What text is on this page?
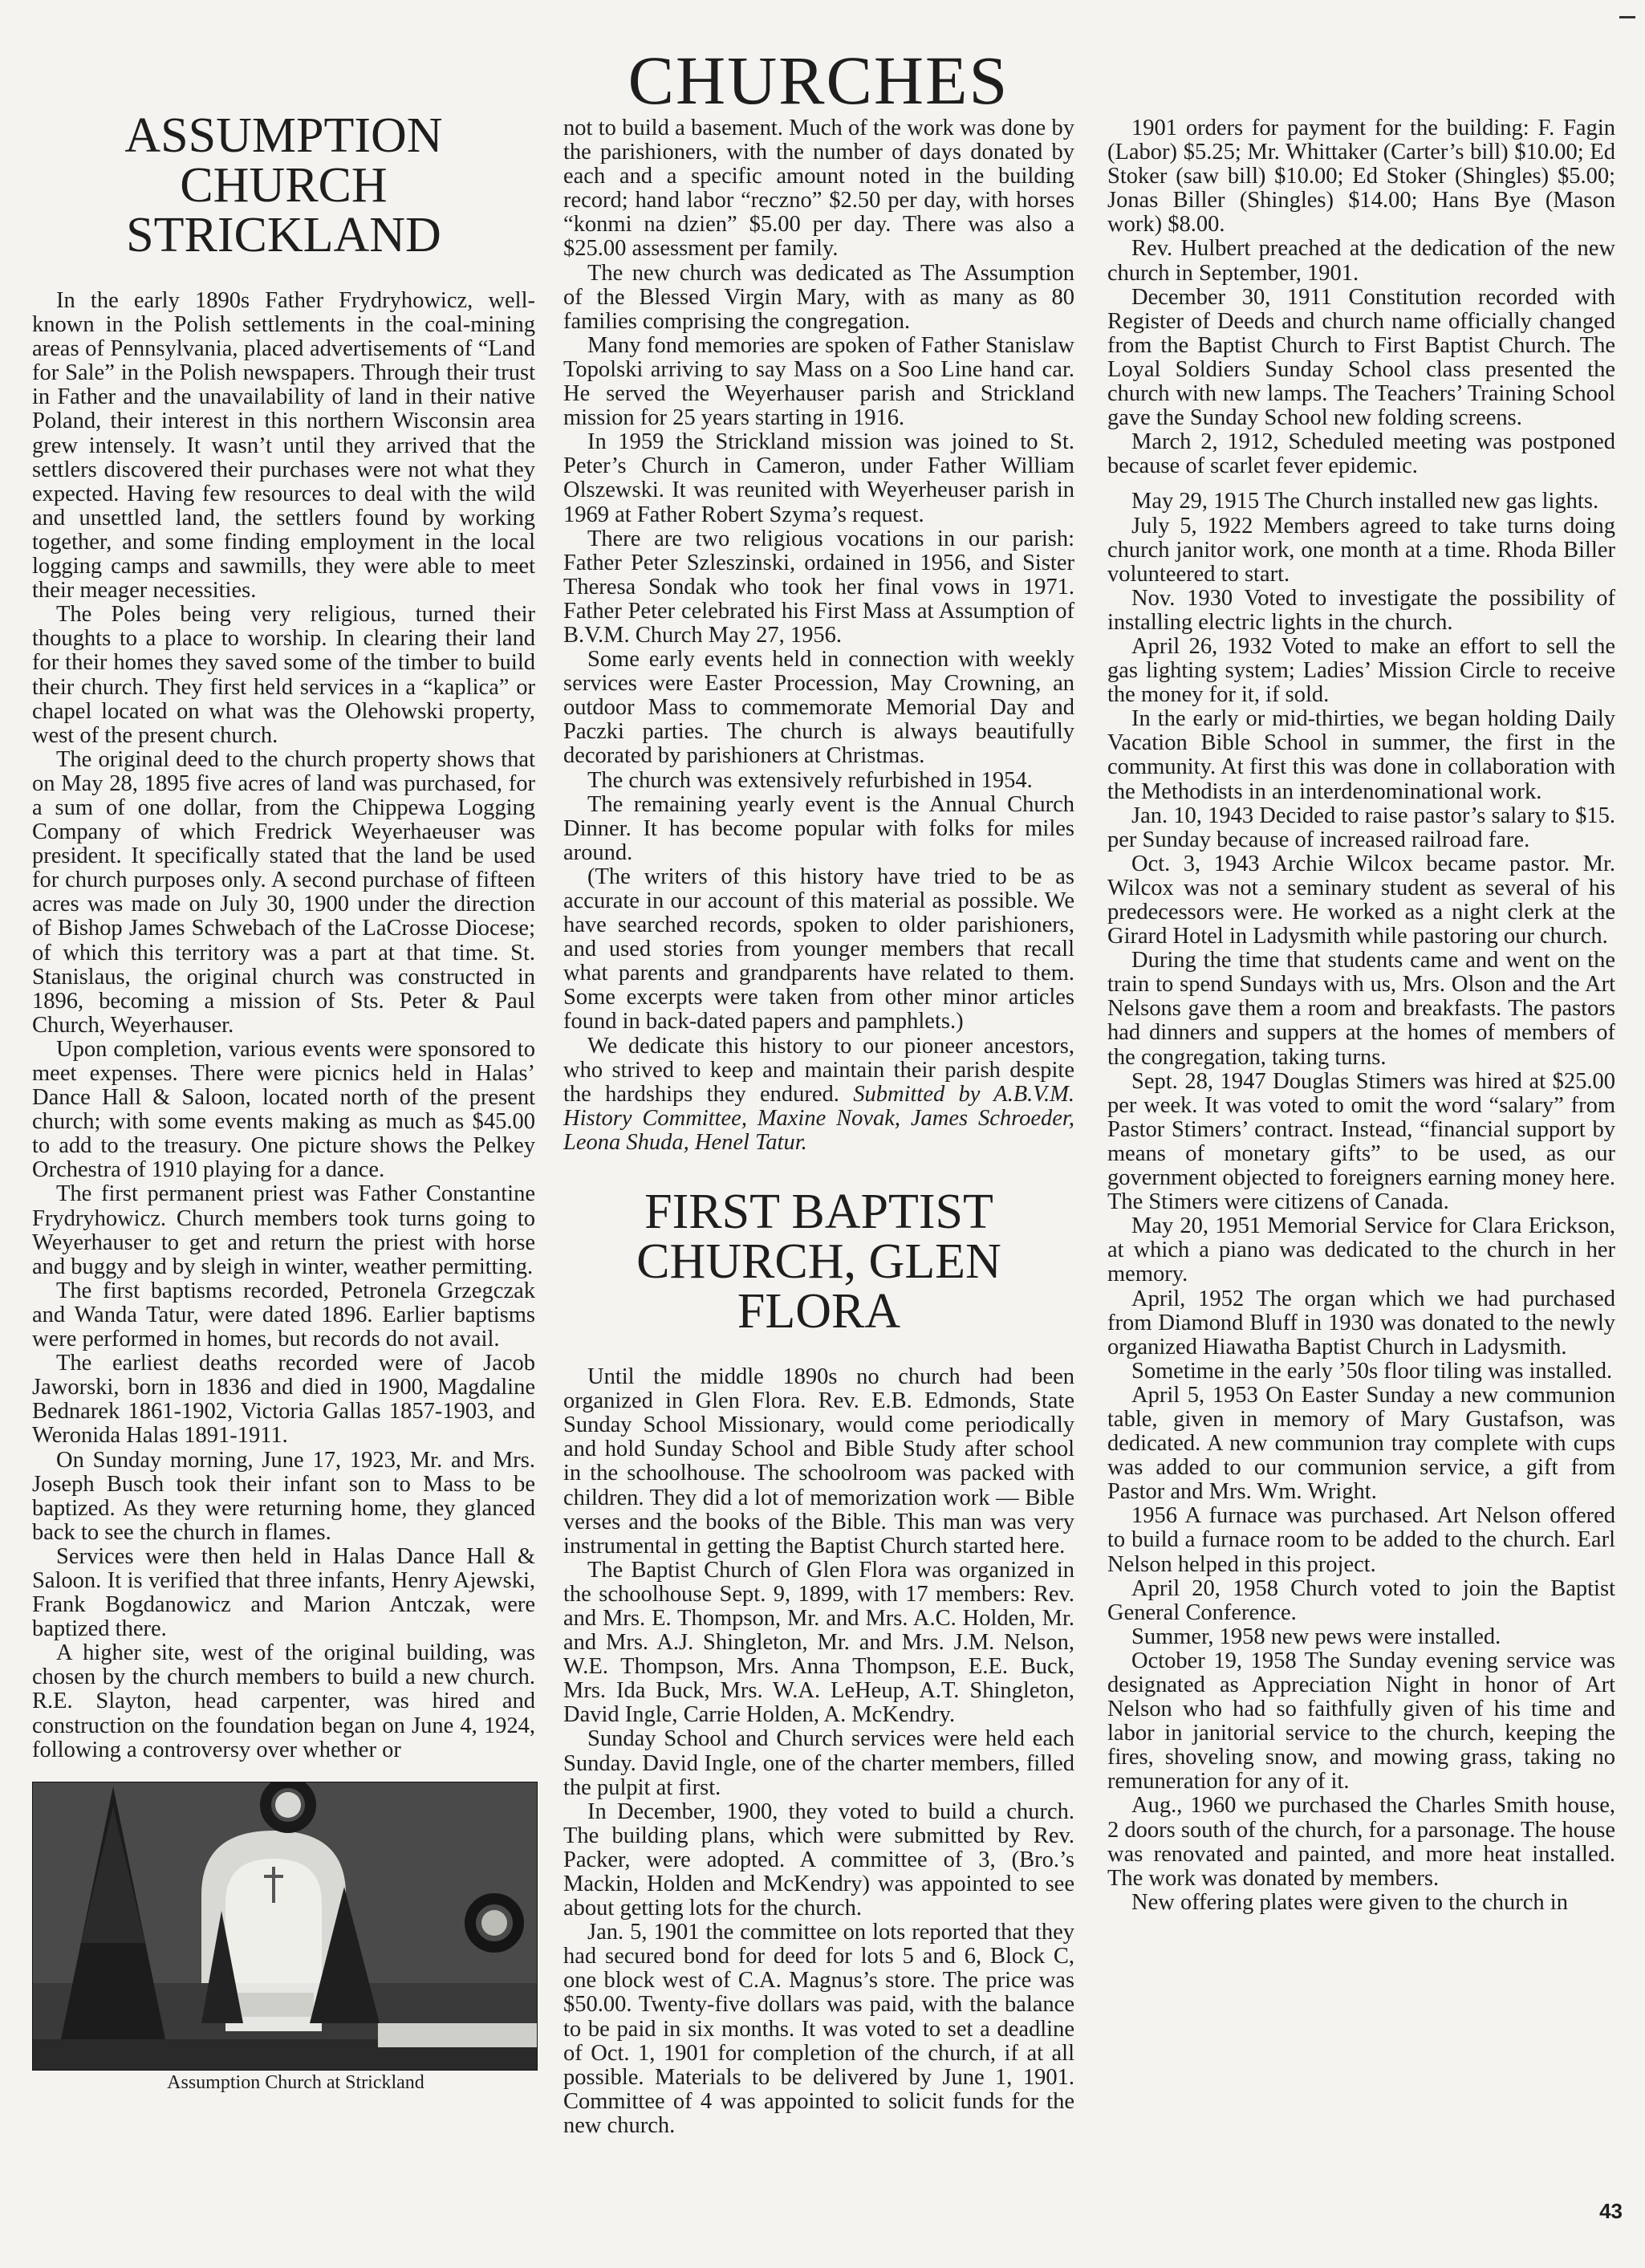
CHURCHES
ASSUMPTION
CHURCH
STRICKLAND

In the early 1890s Father Frydryhowicz, well-known in the Polish settlements in the coal-mining areas of Pennsylvania, placed advertisements of “Land for Sale” in the Polish newspapers. Through their trust in Father and the unavailability of land in their native Poland, their interest in this northern Wisconsin area grew intensely. It wasn’t until they arrived that the settlers discovered their purchases were not what they expected. Having few resources to deal with the wild and unsettled land, the settlers found by working together, and some finding employment in the local logging camps and sawmills, they were able to meet their meager necessities.

The Poles being very religious, turned their thoughts to a place to worship. In clearing their land for their homes they saved some of the timber to build their church. They first held services in a “kaplica” or chapel located on what was the Olehowski property, west of the present church.

The original deed to the church property shows that on May 28, 1895 five acres of land was purchased, for a sum of one dollar, from the Chippewa Logging Company of which Fredrick Weyerhaeuser was president. It specifically stated that the land be used for church purposes only. A second purchase of fifteen acres was made on July 30, 1900 under the direction of Bishop James Schwebach of the LaCrosse Diocese; of which this territory was a part at that time. St. Stanislaus, the original church was constructed in 1896, becoming a mission of Sts. Peter & Paul Church, Weyerhauser.

Upon completion, various events were sponsored to meet expenses. There were picnics held in Halas’ Dance Hall & Saloon, located north of the present church; with some events making as much as $45.00 to add to the treasury. One picture shows the Pelkey Orchestra of 1910 playing for a dance.

The first permanent priest was Father Constantine Frydryhowicz. Church members took turns going to Weyerhauser to get and return the priest with horse and buggy and by sleigh in winter, weather permitting.

The first baptisms recorded, Petronela Grzegczak and Wanda Tatur, were dated 1896. Earlier baptisms were performed in homes, but records do not avail.

The earliest deaths recorded were of Jacob Jaworski, born in 1836 and died in 1900, Magdaline Bednarek 1861-1902, Victoria Gallas 1857-1903, and Weronida Halas 1891-1911.

On Sunday morning, June 17, 1923, Mr. and Mrs. Joseph Busch took their infant son to Mass to be baptized. As they were returning home, they glanced back to see the church in flames.

Services were then held in Halas Dance Hall & Saloon. It is verified that three infants, Henry Ajewski, Frank Bogdanowicz and Marion Antczak, were baptized there.

A higher site, west of the original building, was chosen by the church members to build a new church. R.E. Slayton, head carpenter, was hired and construction on the foundation began on June 4, 1924, following a controversy over whether or

Assumption Church at Strickland

not to build a basement. Much of the work was done by the parishioners, with the number of days donated by each and a specific amount noted in the building record; hand labor “reczno” $2.50 per day, with horses “konmi na dzien” $5.00 per day. There was also a $25.00 assessment per family.

The new church was dedicated as The Assumption of the Blessed Virgin Mary, with as many as 80 families comprising the congregation.

Many fond memories are spoken of Father Stanislaw Topolski arriving to say Mass on a Soo Line hand car. He served the Weyerhauser parish and Strickland mission for 25 years starting in 1916.

In 1959 the Strickland mission was joined to St. Peter’s Church in Cameron, under Father William Olszewski. It was reunited with Weyerheuser parish in 1969 at Father Robert Szyma’s request.

There are two religious vocations in our parish: Father Peter Szleszinski, ordained in 1956, and Sister Theresa Sondak who took her final vows in 1971. Father Peter celebrated his First Mass at Assumption of B.V.M. Church May 27, 1956.

Some early events held in connection with weekly services were Easter Procession, May Crowning, an outdoor Mass to commemorate Memorial Day and Paczki parties. The church is always beautifully decorated by parishioners at Christmas.

The church was extensively refurbished in 1954.

The remaining yearly event is the Annual Church Dinner. It has become popular with folks for miles around.

(The writers of this history have tried to be as accurate in our account of this material as possible. We have searched records, spoken to older parishioners, and used stories from younger members that recall what parents and grandparents have related to them. Some excerpts were taken from other minor articles found in back-dated papers and pamphlets.)

We dedicate this history to our pioneer ancestors, who strived to keep and maintain their parish despite the hardships they endured. Submitted by A.B.V.M. History Committee, Maxine Novak, James Schroeder, Leona Shuda, Henel Tatur.

FIRST BAPTIST
CHURCH, GLEN
FLORA

Until the middle 1890s no church had been organized in Glen Flora. Rev. E.B. Edmonds, State Sunday School Missionary, would come periodically and hold Sunday School and Bible Study after school in the schoolhouse. The schoolroom was packed with children. They did a lot of memorization work — Bible verses and the books of the Bible. This man was very instrumental in getting the Baptist Church started here.

The Baptist Church of Glen Flora was organized in the schoolhouse Sept. 9, 1899, with 17 members: Rev. and Mrs. E. Thompson, Mr. and Mrs. A.C. Holden, Mr. and Mrs. A.J. Shingleton, Mr. and Mrs. J.M. Nelson, W.E. Thompson, Mrs. Anna Thompson, E.E. Buck, Mrs. Ida Buck, Mrs. W.A. LeHeup, A.T. Shingleton, David Ingle, Carrie Holden, A. McKendry.

Sunday School and Church services were held each Sunday. David Ingle, one of the charter members, filled the pulpit at first.

In December, 1900, they voted to build a church. The building plans, which were submitted by Rev. Packer, were adopted. A committee of 3, (Bro.’s Mackin, Holden and McKendry) was appointed to see about getting lots for the church.

Jan. 5, 1901 the committee on lots reported that they had secured bond for deed for lots 5 and 6, Block C, one block west of C.A. Magnus’s store. The price was $50.00. Twenty-five dollars was paid, with the balance to be paid in six months. It was voted to set a deadline of Oct. 1, 1901 for completion of the church, if at all possible. Materials to be delivered by June 1, 1901. Committee of 4 was appointed to solicit funds for the new church.

1901 orders for payment for the building: F. Fagin (Labor) $5.25; Mr. Whittaker (Carter’s bill) $10.00; Ed Stoker (saw bill) $10.00; Ed Stoker (Shingles) $5.00; Jonas Biller (Shingles) $14.00; Hans Bye (Mason work) $8.00.

Rev. Hulbert preached at the dedication of the new church in September, 1901.

December 30, 1911 Constitution recorded with Register of Deeds and church name officially changed from the Baptist Church to First Baptist Church. The Loyal Soldiers Sunday School class presented the church with new lamps. The Teachers’ Training School gave the Sunday School new folding screens.

March 2, 1912, Scheduled meeting was postponed because of scarlet fever epidemic.

May 29, 1915 The Church installed new gas lights.

July 5, 1922 Members agreed to take turns doing church janitor work, one month at a time. Rhoda Biller volunteered to start.

Nov. 1930 Voted to investigate the possibility of installing electric lights in the church.

April 26, 1932 Voted to make an effort to sell the gas lighting system; Ladies’ Mission Circle to receive the money for it, if sold.

In the early or mid-thirties, we began holding Daily Vacation Bible School in summer, the first in the community. At first this was done in collaboration with the Methodists in an interdenominational work.

Jan. 10, 1943 Decided to raise pastor’s salary to $15. per Sunday because of increased railroad fare.

Oct. 3, 1943 Archie Wilcox became pastor. Mr. Wilcox was not a seminary student as several of his predecessors were. He worked as a night clerk at the Girard Hotel in Ladysmith while pastoring our church.

During the time that students came and went on the train to spend Sundays with us, Mrs. Olson and the Art Nelsons gave them a room and breakfasts. The pastors had dinners and suppers at the homes of members of the congregation, taking turns.

Sept. 28, 1947 Douglas Stimers was hired at $25.00 per week. It was voted to omit the word “salary” from Pastor Stimers’ contract. Instead, “financial support by means of monetary gifts” to be used, as our government objected to foreigners earning money here. The Stimers were citizens of Canada.

May 20, 1951 Memorial Service for Clara Erickson, at which a piano was dedicated to the church in her memory.

April, 1952 The organ which we had purchased from Diamond Bluff in 1930 was donated to the newly organized Hiawatha Baptist Church in Ladysmith.

Sometime in the early ’50s floor tiling was installed.

April 5, 1953 On Easter Sunday a new communion table, given in memory of Mary Gustafson, was dedicated. A new communion tray complete with cups was added to our communion service, a gift from Pastor and Mrs. Wm. Wright.

1956 A furnace was purchased. Art Nelson offered to build a furnace room to be added to the church. Earl Nelson helped in this project.

April 20, 1958 Church voted to join the Baptist General Conference.

Summer, 1958 new pews were installed.

October 19, 1958 The Sunday evening service was designated as Appreciation Night in honor of Art Nelson who had so faithfully given of his time and labor in janitorial service to the church, keeping the fires, shoveling snow, and mowing grass, taking no remuneration for any of it.

Aug., 1960 we purchased the Charles Smith house, 2 doors south of the church, for a parsonage. The house was renovated and painted, and more heat installed. The work was donated by members.

New offering plates were given to the church in

43
